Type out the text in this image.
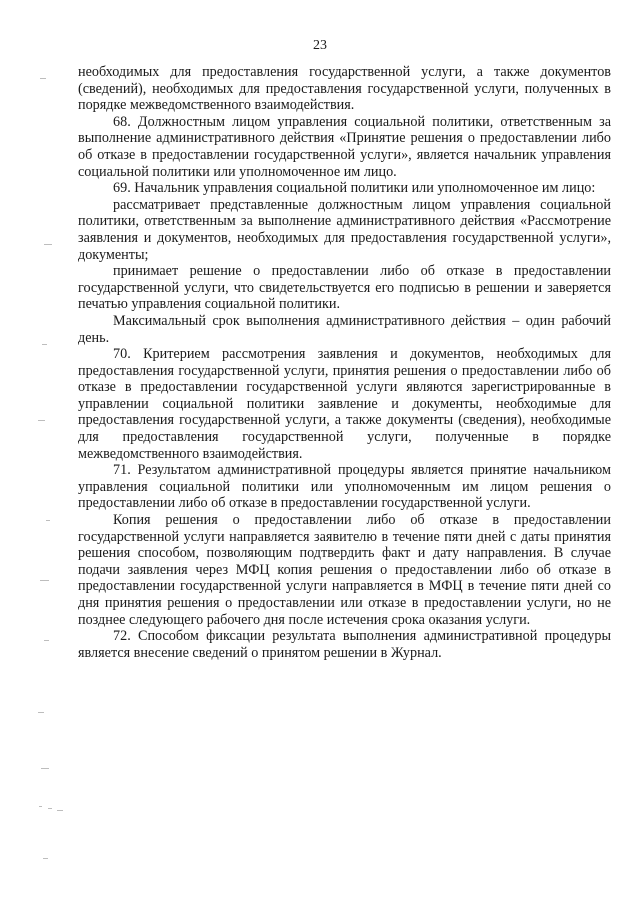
23

необходимых для предоставления государственной услуги, а также документов (сведений), необходимых для предоставления государственной услуги, полученных в порядке межведомственного взаимодействия.

68. Должностным лицом управления социальной политики, ответственным за выполнение административного действия «Принятие решения о предоставлении либо об отказе в предоставлении государственной услуги», является начальник управления социальной политики или уполномоченное им лицо.

69. Начальник управления социальной политики или уполномоченное им лицо:

рассматривает представленные должностным лицом управления социальной политики, ответственным за выполнение административного действия «Рассмотрение заявления и документов, необходимых для предоставления государственной услуги», документы;

принимает решение о предоставлении либо об отказе в предоставлении государственной услуги, что свидетельствуется его подписью в решении и заверяется печатью управления социальной политики.

Максимальный срок выполнения административного действия – один рабочий день.

70. Критерием рассмотрения заявления и документов, необходимых для предоставления государственной услуги, принятия решения о предоставлении либо об отказе в предоставлении государственной услуги являются зарегистрированные в управлении социальной политики заявление и документы, необходимые для предоставления государственной услуги, а также документы (сведения), необходимые для предоставления государственной услуги, полученные в порядке межведомственного взаимодействия.

71. Результатом административной процедуры является принятие начальником управления социальной политики или уполномоченным им лицом решения о предоставлении либо об отказе в предоставлении государственной услуги.

Копия решения о предоставлении либо об отказе в предоставлении государственной услуги направляется заявителю в течение пяти дней с даты принятия решения способом, позволяющим подтвердить факт и дату направления. В случае подачи заявления через МФЦ копия решения о предоставлении либо об отказе в предоставлении государственной услуги направляется в МФЦ в течение пяти дней со дня принятия решения о предоставлении или отказе в предоставлении услуги, но не позднее следующего рабочего дня после истечения срока оказания услуги.

72. Способом фиксации результата выполнения административной процедуры является внесение сведений о принятом решении в Журнал.
